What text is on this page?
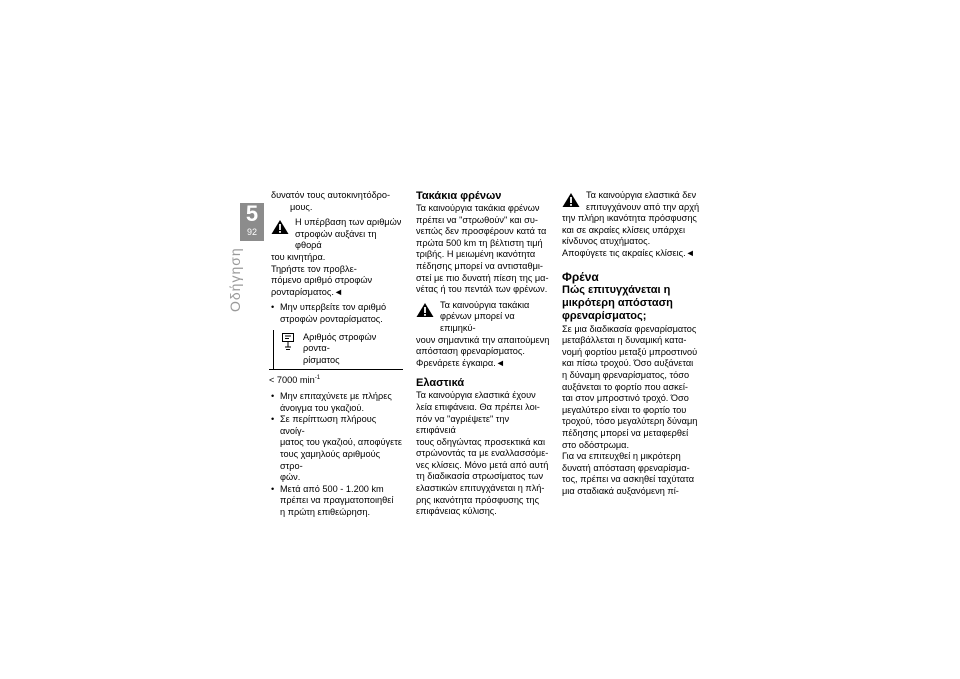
5
92
Οδήγηση

δυνατόν τους αυτοκινητόδρο-

μους.

Η υπέρβαση των αριθμών

στροφών αυξάνει τη φθορά

του κινητήρα.

Τηρήστε τον προβλε-

πόμενο αριθμό στροφών

ρονταρίσματος.◄

• Μην υπερβείτε τον αριθμό

στροφών ρονταρίσματος.

Αριθμός στροφών ροντα-

ρίσματος

< 7000 $\min^{-1}$

• Μην επιταχύνετε με πλήρες

άνοιγμα του γκαζιού.

• Σε περίπτωση πλήρους ανοίγ-

ματος του γκαζιού, αποφύγετε

τους χαμηλούς αριθμούς στρο-

φών.

• Μετά από 500 - 1.200 km

πρέπει να πραγματοποιηθεί

η πρώτη επιθεώρηση.

Τακάκια φρένων

Τα καινούργια τακάκια φρένων

πρέπει να "στρωθούν" και συ-

νεπώς δεν προσφέρουν κατά τα

πρώτα 500 km τη βέλτιστη τιμή

τριβής. Η μειωμένη ικανότητα

πέδησης μπορεί να αντισταθμι-

στεί με πιο δυνατή πίεση της μα-

νέτας ή του πεντάλ των φρένων.

Τα καινούργια τακάκια

φρένων μπορεί να επιμηκύ-

νουν σημαντικά την απαιτούμενη

απόσταση φρεναρίσματος.

Φρενάρετε έγκαιρα.◄

Ελαστικά

Τα καινούργια ελαστικά έχουν

λεία επιφάνεια. Θα πρέπει λοι-

πόν να "αγριέψετε" την επιφάνειά

τους οδηγώντας προσεκτικά και

στρώνοντάς τα με εναλλασσόμε-

νες κλίσεις. Μόνο μετά από αυτή

τη διαδικασία στρωσίματος των

ελαστικών επιτυγχάνεται η πλή-

ρης ικανότητα πρόσφυσης της

επιφάνειας κύλισης.

Τα καινούργια ελαστικά δεν

επιτυγχάνουν από την αρχή

την πλήρη ικανότητα πρόσφυσης

και σε ακραίες κλίσεις υπάρχει

κίνδυνος ατυχήματος.

Αποφύγετε τις ακραίες κλίσεις.◄

Φρένα

Πώς επιτυγχάνεται η

μικρότερη απόσταση

φρεναρίσματος;

Σε μια διαδικασία φρεναρίσματος

μεταβάλλεται η δυναμική κατα-

νομή φορτίου μεταξύ μπροστινού

και πίσω τροχού. Όσο αυξάνεται

η δύναμη φρεναρίσματος, τόσο

αυξάνεται το φορτίο που ασκεί-

ται στον μπροστινό τροχό. Όσο

μεγαλύτερο είναι το φορτίο του

τροχού, τόσο μεγαλύτερη δύναμη

πέδησης μπορεί να μεταφερθεί

στο οδόστρωμα.

Για να επιτευχθεί η μικρότερη

δυνατή απόσταση φρεναρίσμα-

τος, πρέπει να ασκηθεί ταχύτατα

μια σταδιακά αυξανόμενη πί-
